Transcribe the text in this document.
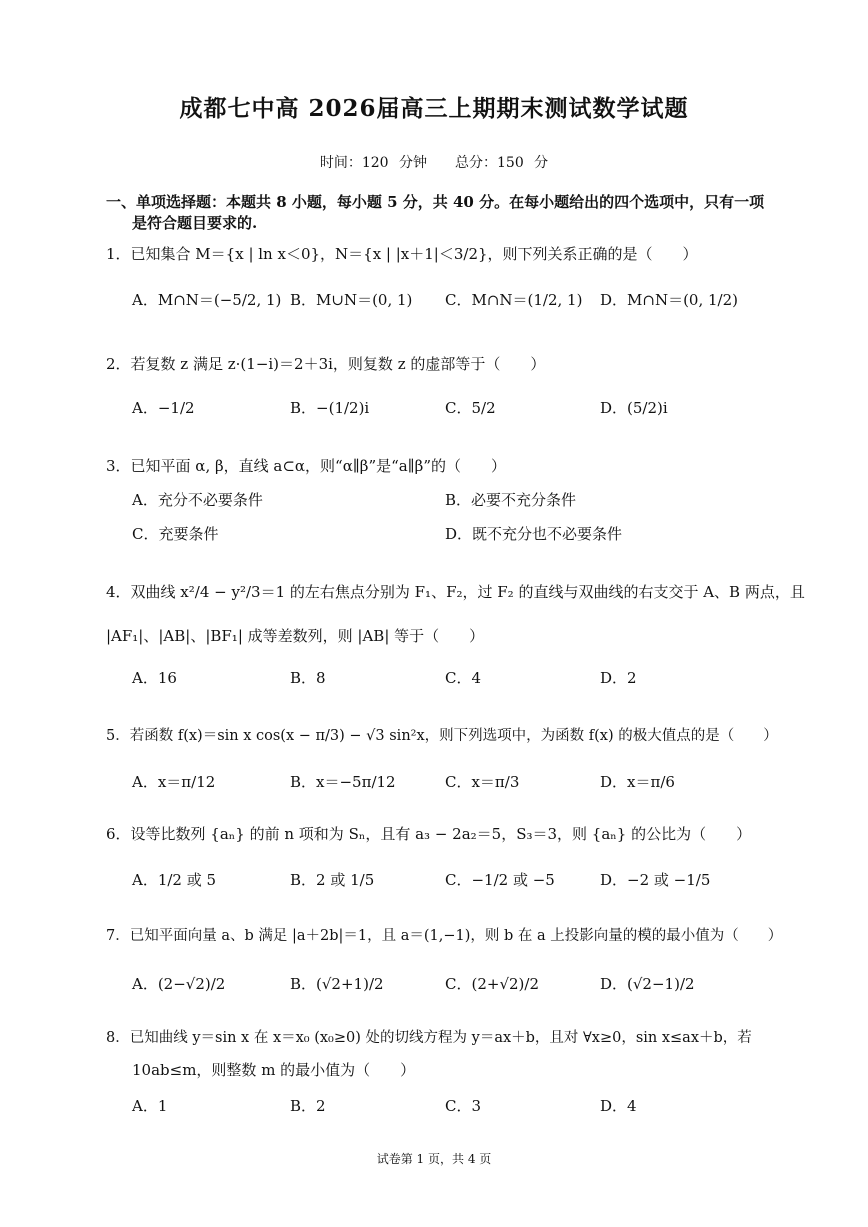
成都七中高 2026届高三上期期末测试数学试题
时间：120 分钟　　总分：150 分
一、单项选择题：本题共 8 小题，每小题 5 分，共 40 分。在每小题给出的四个选项中，只有一项
是符合题目要求的.
1．已知集合 M＝{x | ln x＜0}，N＝{x | |x＋1|＜3/2}，则下列关系正确的是（　　）
A．M∩N＝(−5/2, 1) B．M∪N＝(0, 1) C．M∩N＝(1/2, 1) D．M∩N＝(0, 1/2)
2．若复数 z 满足 z·(1−i)＝2＋3i，则复数 z 的虚部等于（　　）
A．−1/2	B．−(1/2)i	C．5/2	D．(5/2)i
3．已知平面 α, β，直线 a⊂α，则“α∥β”是“a∥β”的（　　）
A．充分不必要条件	B．必要不充分条件
C．充要条件	D．既不充分也不必要条件
4．双曲线 x²/4 − y²/3＝1 的左右焦点分别为 F₁、F₂，过 F₂ 的直线与双曲线的右支交于 A、B 两点，且
|AF₁|、|AB|、|BF₁| 成等差数列，则 |AB| 等于（　　）
A．16	B．8	C．4	D．2
5．若函数 f(x)＝sin x cos(x − π/3) − √3 sin²x，则下列选项中，为函数 f(x) 的极大值点的是（　　）
A．x＝π/12	B．x＝−5π/12	C．x＝π/3	D．x＝π/6
6．设等比数列 {aₙ} 的前 n 项和为 Sₙ，且有 a₃ − 2a₂＝5，S₃＝3，则 {aₙ} 的公比为（　　）
A．1/2 或 5	B．2 或 1/5	C．−1/2 或 −5	D．−2 或 −1/5
7．已知平面向量 a、b 满足 |a＋2b|＝1，且 a＝(1,−1)，则 b 在 a 上投影向量的模的最小值为（　　）
A．(2−√2)/2	B．(√2+1)/2	C．(2+√2)/2	D．(√2−1)/2
8．已知曲线 y＝sin x 在 x＝x₀ (x₀≥0) 处的切线方程为 y＝ax＋b，且对 ∀x≥0，sin x≤ax＋b，若
10ab≤m，则整数 m 的最小值为（　　）
A．1	B．2	C．3	D．4
试卷第 1 页，共 4 页
